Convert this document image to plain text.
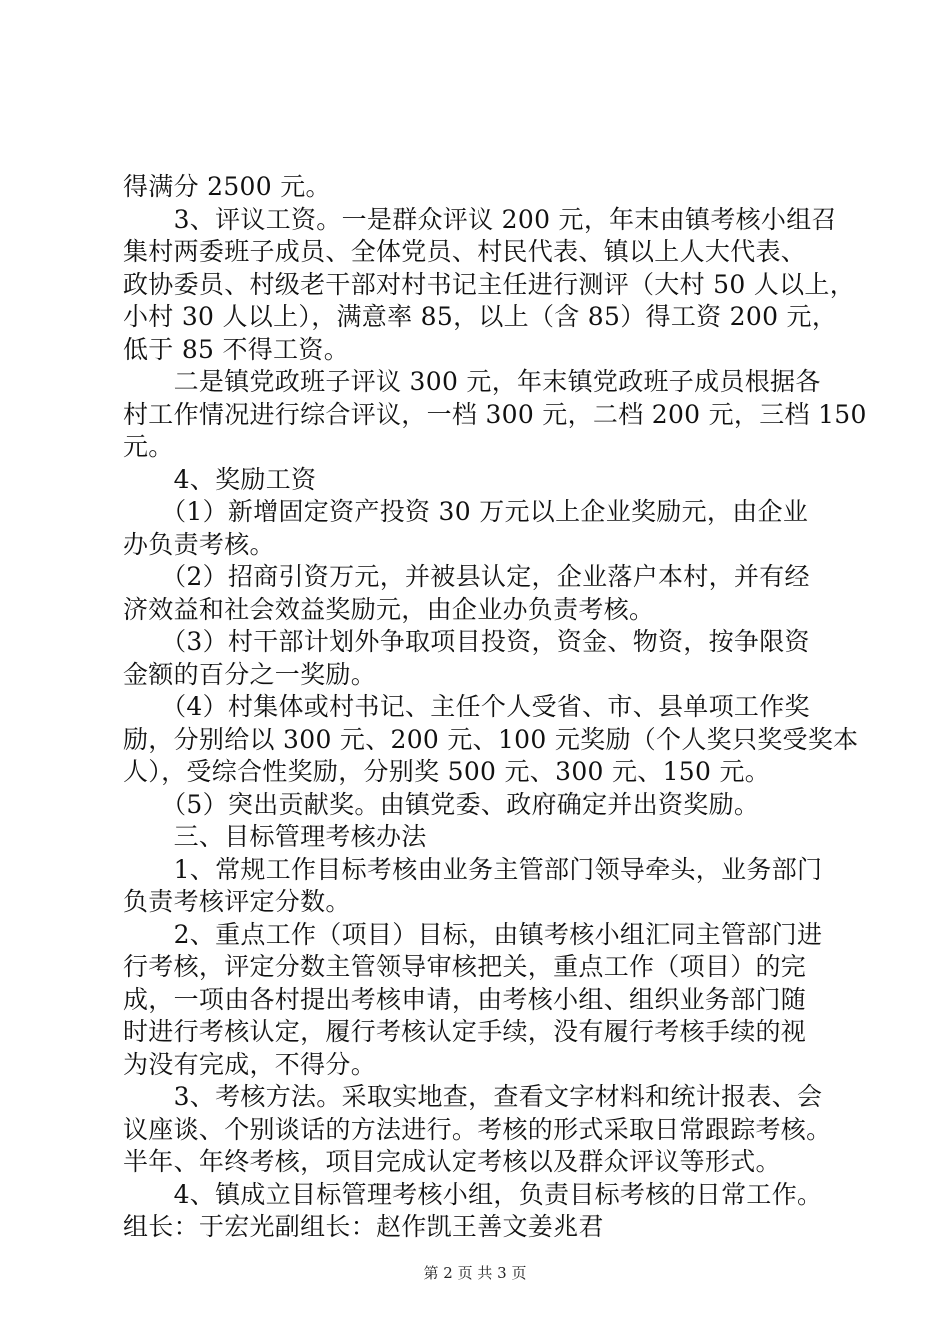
得满分 2500 元。
　　3、评议工资。一是群众评议 200 元，年末由镇考核小组召
集村两委班子成员、全体党员、村民代表、镇以上人大代表、
政协委员、村级老干部对村书记主任进行测评（大村 50 人以上，
小村 30 人以上），满意率 85，以上（含 85）得工资 200 元，
低于 85 不得工资。
　　二是镇党政班子评议 300 元，年末镇党政班子成员根据各
村工作情况进行综合评议，一档 300 元，二档 200 元，三档 150
元。
　　4、奖励工资
　　（1）新增固定资产投资 30 万元以上企业奖励元，由企业
办负责考核。
　　（2）招商引资万元，并被县认定，企业落户本村，并有经
济效益和社会效益奖励元，由企业办负责考核。
　　（3）村干部计划外争取项目投资，资金、物资，按争限资
金额的百分之一奖励。
　　（4）村集体或村书记、主任个人受省、市、县单项工作奖
励，分别给以 300 元、200 元、100 元奖励（个人奖只奖受奖本
人），受综合性奖励，分别奖 500 元、300 元、150 元。
　　（5）突出贡献奖。由镇党委、政府确定并出资奖励。
　　三、目标管理考核办法
　　1、常规工作目标考核由业务主管部门领导牵头，业务部门
负责考核评定分数。
　　2、重点工作（项目）目标，由镇考核小组汇同主管部门进
行考核，评定分数主管领导审核把关，重点工作（项目）的完
成，一项由各村提出考核申请，由考核小组、组织业务部门随
时进行考核认定，履行考核认定手续，没有履行考核手续的视
为没有完成，不得分。
　　3、考核方法。采取实地查，查看文字材料和统计报表、会
议座谈、个别谈话的方法进行。考核的形式采取日常跟踪考核。
半年、年终考核，项目完成认定考核以及群众评议等形式。
　　4、镇成立目标管理考核小组，负责目标考核的日常工作。
组长：于宏光副组长：赵作凯王善文姜兆君
第 2 页 共 3 页
